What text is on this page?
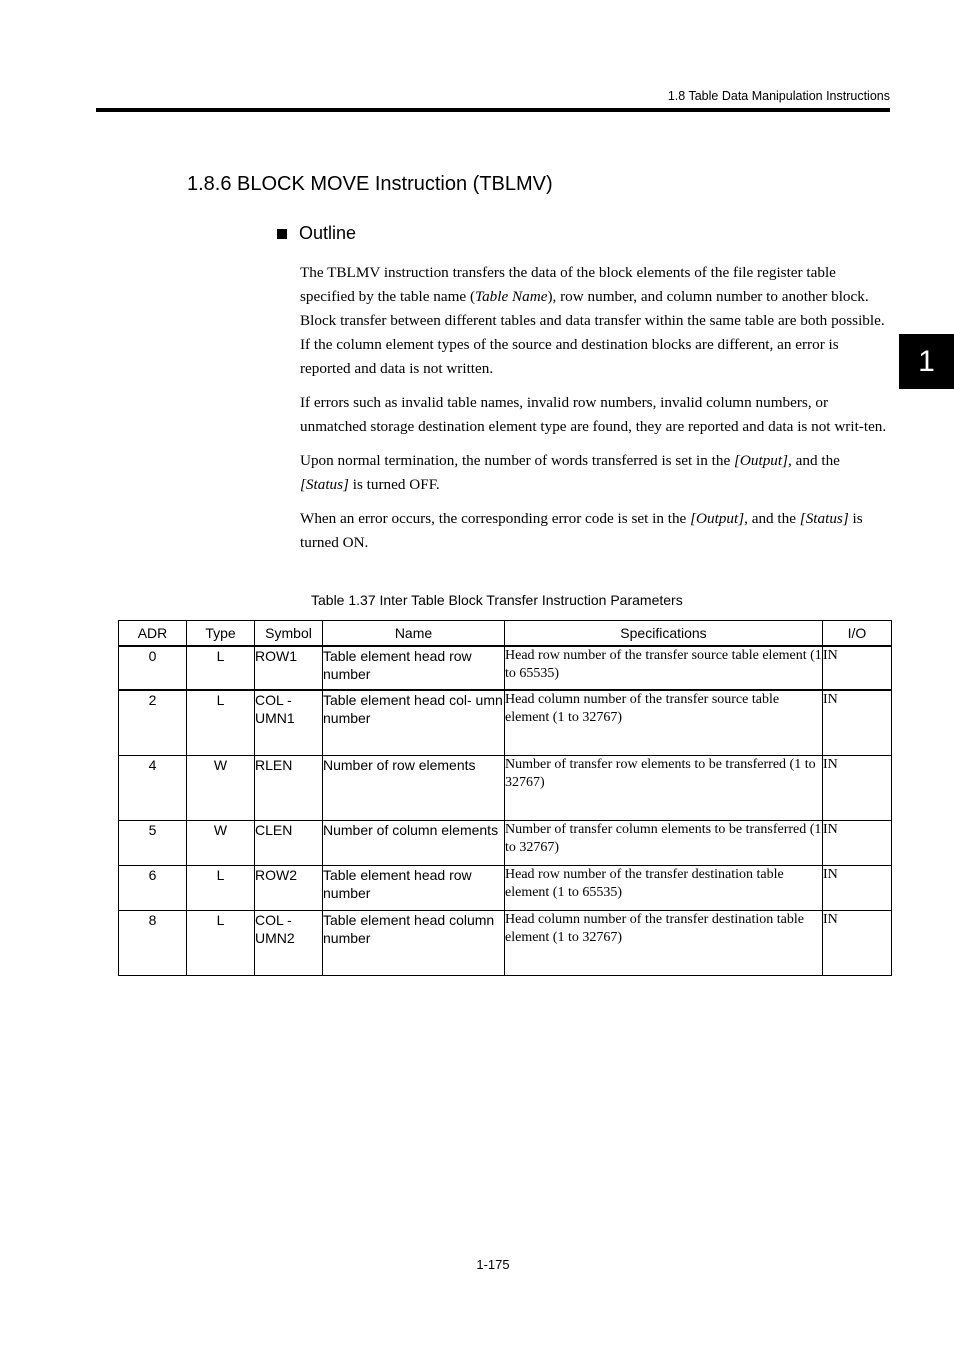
1.8 Table Data Manipulation Instructions
1
1.8.6 BLOCK MOVE Instruction (TBLMV)
Outline

The TBLMV instruction transfers the data of the block elements of the file register table specified by the table name (Table Name), row number, and column number to another block. Block transfer between different tables and data transfer within the same table are both possible. If the column element types of the source and destination blocks are different, an error is reported and data is not written.

If errors such as invalid table names, invalid row numbers, invalid column numbers, or unmatched storage destination element type are found, they are reported and data is not writ-ten.

Upon normal termination, the number of words transferred is set in the [Output], and the [Status] is turned OFF.

When an error occurs, the corresponding error code is set in the [Output], and the [Status] is turned ON.

Table 1.37 Inter Table Block Transfer Instruction Parameters
ADR	Type	Symbol	Name	Specifications	I/O
0	L	ROW1	Table element head row number	Head row number of the transfer source table element (1 to 65535)	IN
2	L	COL - UMN1	Table element head col- umn number	Head column number of the transfer source table element (1 to 32767)	IN
4	W	RLEN	Number of row elements	Number of transfer row elements to be transferred (1 to 32767)	IN
5	W	CLEN	Number of column elements	Number of transfer column elements to be transferred (1 to 32767)	IN
6	L	ROW2	Table element head row number	Head row number of the transfer destination table element (1 to 65535)	IN
8	L	COL - UMN2	Table element head column number	Head column number of the transfer destination table element (1 to 32767)	IN
1-175
